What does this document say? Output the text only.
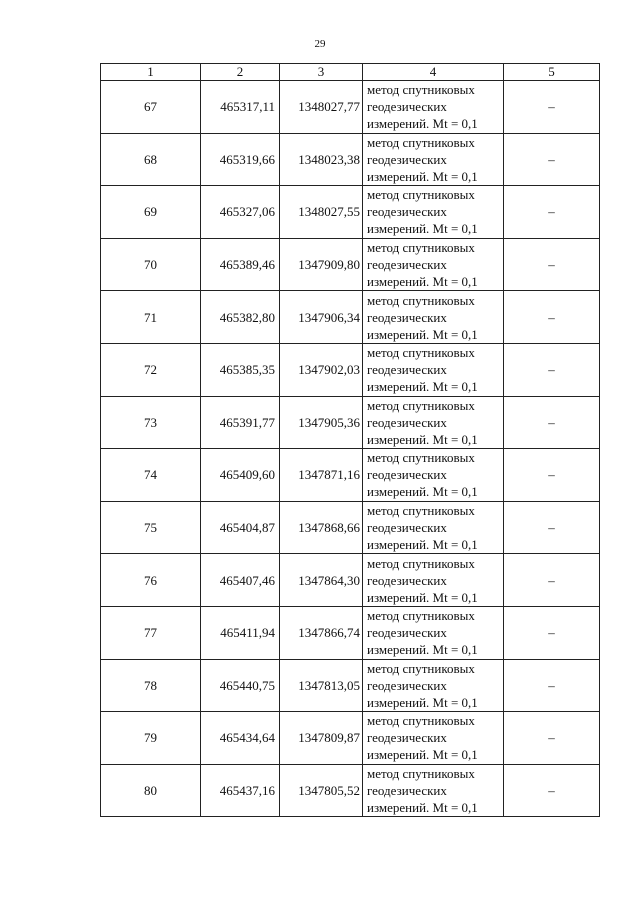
29
1	2	3	4	5
67	465317,11	1348027,77	метод спутниковых
геодезических
измерений. Mt = 0,1	–
68	465319,66	1348023,38	метод спутниковых
геодезических
измерений. Mt = 0,1	–
69	465327,06	1348027,55	метод спутниковых
геодезических
измерений. Mt = 0,1	–
70	465389,46	1347909,80	метод спутниковых
геодезических
измерений. Mt = 0,1	–
71	465382,80	1347906,34	метод спутниковых
геодезических
измерений. Mt = 0,1	–
72	465385,35	1347902,03	метод спутниковых
геодезических
измерений. Mt = 0,1	–
73	465391,77	1347905,36	метод спутниковых
геодезических
измерений. Mt = 0,1	–
74	465409,60	1347871,16	метод спутниковых
геодезических
измерений. Mt = 0,1	–
75	465404,87	1347868,66	метод спутниковых
геодезических
измерений. Mt = 0,1	–
76	465407,46	1347864,30	метод спутниковых
геодезических
измерений. Mt = 0,1	–
77	465411,94	1347866,74	метод спутниковых
геодезических
измерений. Mt = 0,1	–
78	465440,75	1347813,05	метод спутниковых
геодезических
измерений. Mt = 0,1	–
79	465434,64	1347809,87	метод спутниковых
геодезических
измерений. Mt = 0,1	–
80	465437,16	1347805,52	метод спутниковых
геодезических
измерений. Mt = 0,1	–
